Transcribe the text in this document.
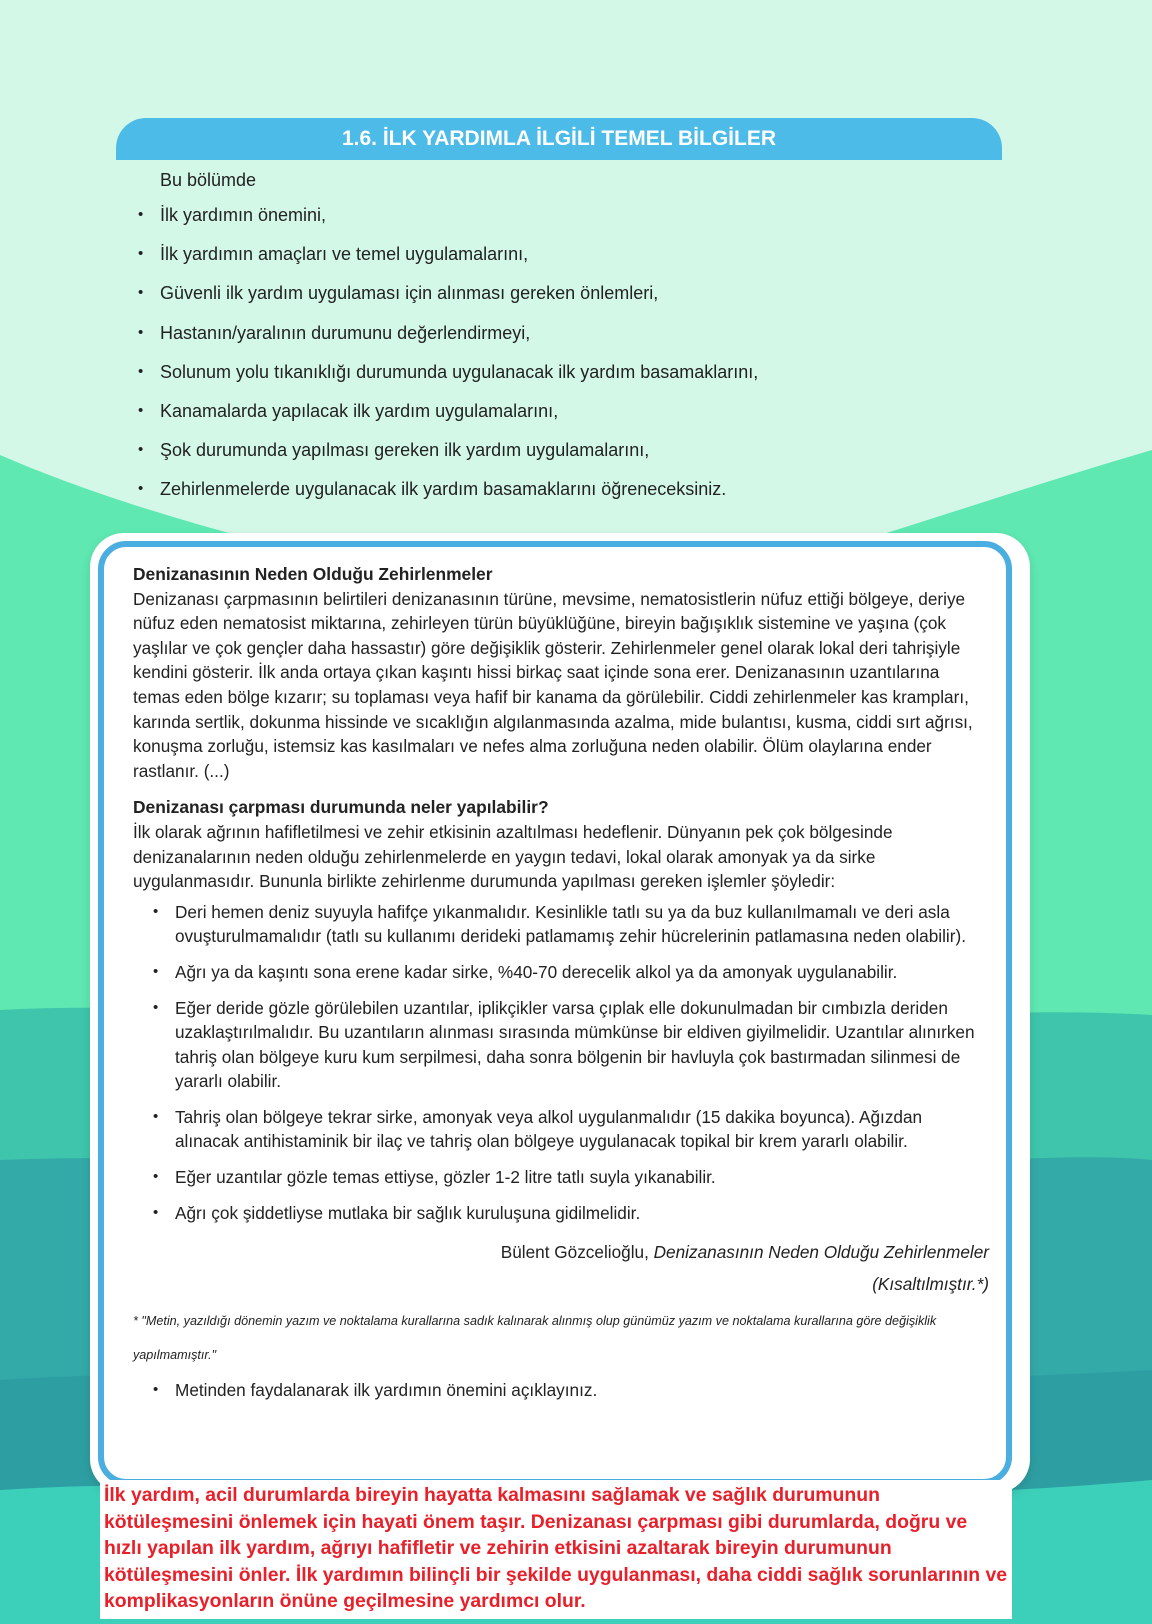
1.6. İLK YARDIMLA İLGİLİ TEMEL BİLGİLER

Bu bölümde

• İlk yardımın önemini,
• İlk yardımın amaçları ve temel uygulamalarını,
• Güvenli ilk yardım uygulaması için alınması gereken önlemleri,
• Hastanın/yaralının durumunu değerlendirmeyi,
• Solunum yolu tıkanıklığı durumunda uygulanacak ilk yardım basamaklarını,
• Kanamalarda yapılacak ilk yardım uygulamalarını,
• Şok durumunda yapılması gereken ilk yardım uygulamalarını,
• Zehirlenmelerde uygulanacak ilk yardım basamaklarını öğreneceksiniz.
Denizanasının Neden Olduğu Zehirlenmeler

Denizanası çarpmasının belirtileri denizanasının türüne, mevsime, nematosistlerin nüfuz ettiği bölgeye, deriye nüfuz eden nematosist miktarına, zehirleyen türün büyüklüğüne, bireyin bağışıklık sistemine ve yaşına (çok yaşlılar ve çok gençler daha hassastır) göre değişiklik gösterir. Zehirlenmeler genel olarak lokal deri tahrişiyle kendini gösterir. İlk anda ortaya çıkan kaşıntı hissi birkaç saat içinde sona erer. Denizanasının uzantılarına temas eden bölge kızarır; su toplaması veya hafif bir kanama da görülebilir. Ciddi zehirlenmeler kas krampları, karında sertlik, dokunma hissinde ve sıcaklığın algılanmasında azalma, mide bulantısı, kusma, ciddi sırt ağrısı, konuşma zorluğu, istemsiz kas kasılmaları ve nefes alma zorluğuna neden olabilir. Ölüm olaylarına ender rastlanır. (...)

Denizanası çarpması durumunda neler yapılabilir?

İlk olarak ağrının hafifletilmesi ve zehir etkisinin azaltılması hedeflenir. Dünyanın pek çok bölgesinde denizanalarının neden olduğu zehirlenmelerde en yaygın tedavi, lokal olarak amonyak ya da sirke uygulanmasıdır. Bununla birlikte zehirlenme durumunda yapılması gereken işlemler şöyledir:

• Deri hemen deniz suyuyla hafifçe yıkanmalıdır. Kesinlikle tatlı su ya da buz kullanılmamalı ve deri asla ovuşturulmamalıdır (tatlı su kullanımı derideki patlamamış zehir hücrelerinin patlamasına neden olabilir).
• Ağrı ya da kaşıntı sona erene kadar sirke, %40-70 derecelik alkol ya da amonyak uygulanabilir.
• Eğer deride gözle görülebilen uzantılar, iplikçikler varsa çıplak elle dokunulmadan bir cımbızla deriden uzaklaştırılmalıdır. Bu uzantıların alınması sırasında mümkünse bir eldiven giyilmelidir. Uzantılar alınırken tahriş olan bölgeye kuru kum serpilmesi, daha sonra bölgenin bir havluyla çok bastırmadan silinmesi de yararlı olabilir.
• Tahriş olan bölgeye tekrar sirke, amonyak veya alkol uygulanmalıdır (15 dakika boyunca). Ağızdan alınacak antihistaminik bir ilaç ve tahriş olan bölgeye uygulanacak topikal bir krem yararlı olabilir.
• Eğer uzantılar gözle temas ettiyse, gözler 1-2 litre tatlı suyla yıkanabilir.
• Ağrı çok şiddetliyse mutlaka bir sağlık kuruluşuna gidilmelidir.
Bülent Gözcelioğlu, Denizanasının Neden Olduğu Zehirlenmeler
(Kısaltılmıştır.*)

* "Metin, yazıldığı dönemin yazım ve noktalama kurallarına sadık kalınarak alınmış olup günümüz yazım ve noktalama kurallarına göre değişiklik yapılmamıştır."

• Metinden faydalanarak ilk yardımın önemini açıklayınız.
İlk yardım, acil durumlarda bireyin hayatta kalmasını sağlamak ve sağlık durumunun kötüleşmesini önlemek için hayati önem taşır. Denizanası çarpması gibi durumlarda, doğru ve hızlı yapılan ilk yardım, ağrıyı hafifletir ve zehirin etkisini azaltarak bireyin durumunun kötüleşmesini önler. İlk yardımın bilinçli bir şekilde uygulanması, daha ciddi sağlık sorunlarının ve komplikasyonların önüne geçilmesine yardımcı olur.
